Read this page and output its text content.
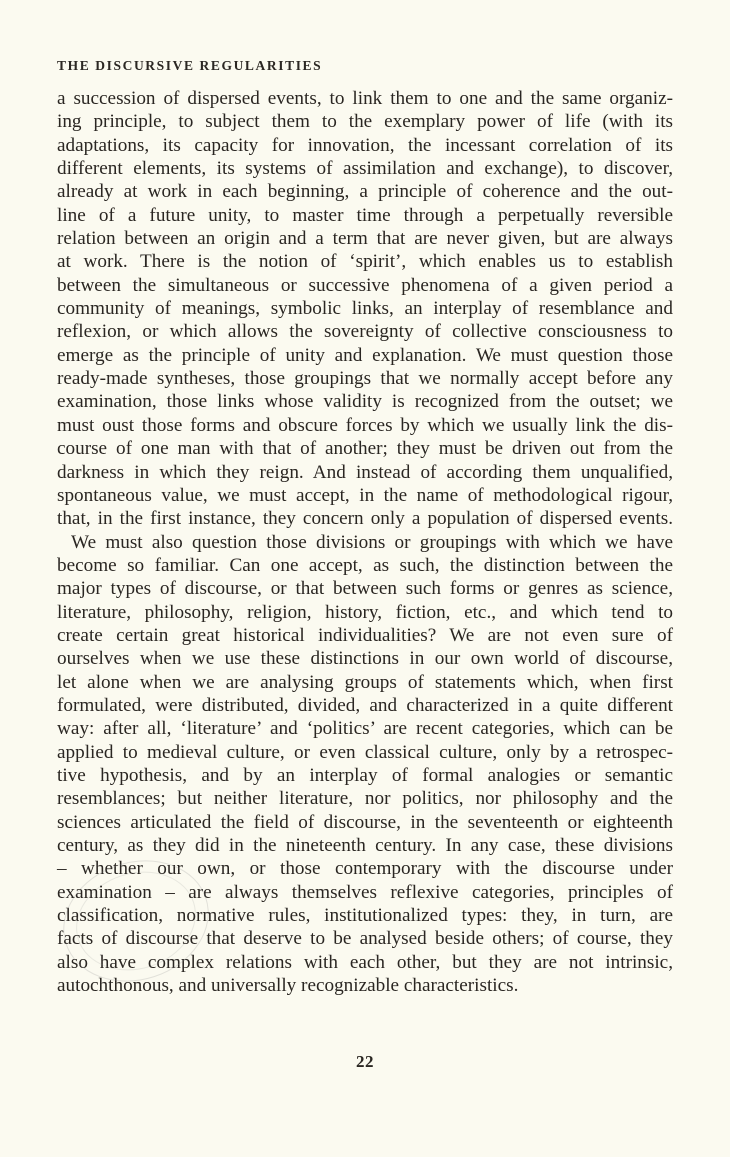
THE DISCURSIVE REGULARITIES
a succession of dispersed events, to link them to one and the same organiz-
ing principle, to subject them to the exemplary power of life (with its
adaptations, its capacity for innovation, the incessant correlation of its
different elements, its systems of assimilation and exchange), to discover,
already at work in each beginning, a principle of coherence and the out-
line of a future unity, to master time through a perpetually reversible
relation between an origin and a term that are never given, but are always
at work. There is the notion of ‘spirit’, which enables us to establish
between the simultaneous or successive phenomena of a given period a
community of meanings, symbolic links, an interplay of resemblance and
reflexion, or which allows the sovereignty of collective consciousness to
emerge as the principle of unity and explanation. We must question those
ready-made syntheses, those groupings that we normally accept before any
examination, those links whose validity is recognized from the outset; we
must oust those forms and obscure forces by which we usually link the dis-
course of one man with that of another; they must be driven out from the
darkness in which they reign. And instead of according them unqualified,
spontaneous value, we must accept, in the name of methodological rigour,
that, in the first instance, they concern only a population of dispersed events.
We must also question those divisions or groupings with which we have
become so familiar. Can one accept, as such, the distinction between the
major types of discourse, or that between such forms or genres as science,
literature, philosophy, religion, history, fiction, etc., and which tend to
create certain great historical individualities? We are not even sure of
ourselves when we use these distinctions in our own world of discourse,
let alone when we are analysing groups of statements which, when first
formulated, were distributed, divided, and characterized in a quite different
way: after all, ‘literature’ and ‘politics’ are recent categories, which can be
applied to medieval culture, or even classical culture, only by a retrospec-
tive hypothesis, and by an interplay of formal analogies or semantic
resemblances; but neither literature, nor politics, nor philosophy and the
sciences articulated the field of discourse, in the seventeenth or eighteenth
century, as they did in the nineteenth century. In any case, these divisions
– whether our own, or those contemporary with the discourse under
examination – are always themselves reflexive categories, principles of
classification, normative rules, institutionalized types: they, in turn, are
facts of discourse that deserve to be analysed beside others; of course, they
also have complex relations with each other, but they are not intrinsic,
autochthonous, and universally recognizable characteristics.
22
